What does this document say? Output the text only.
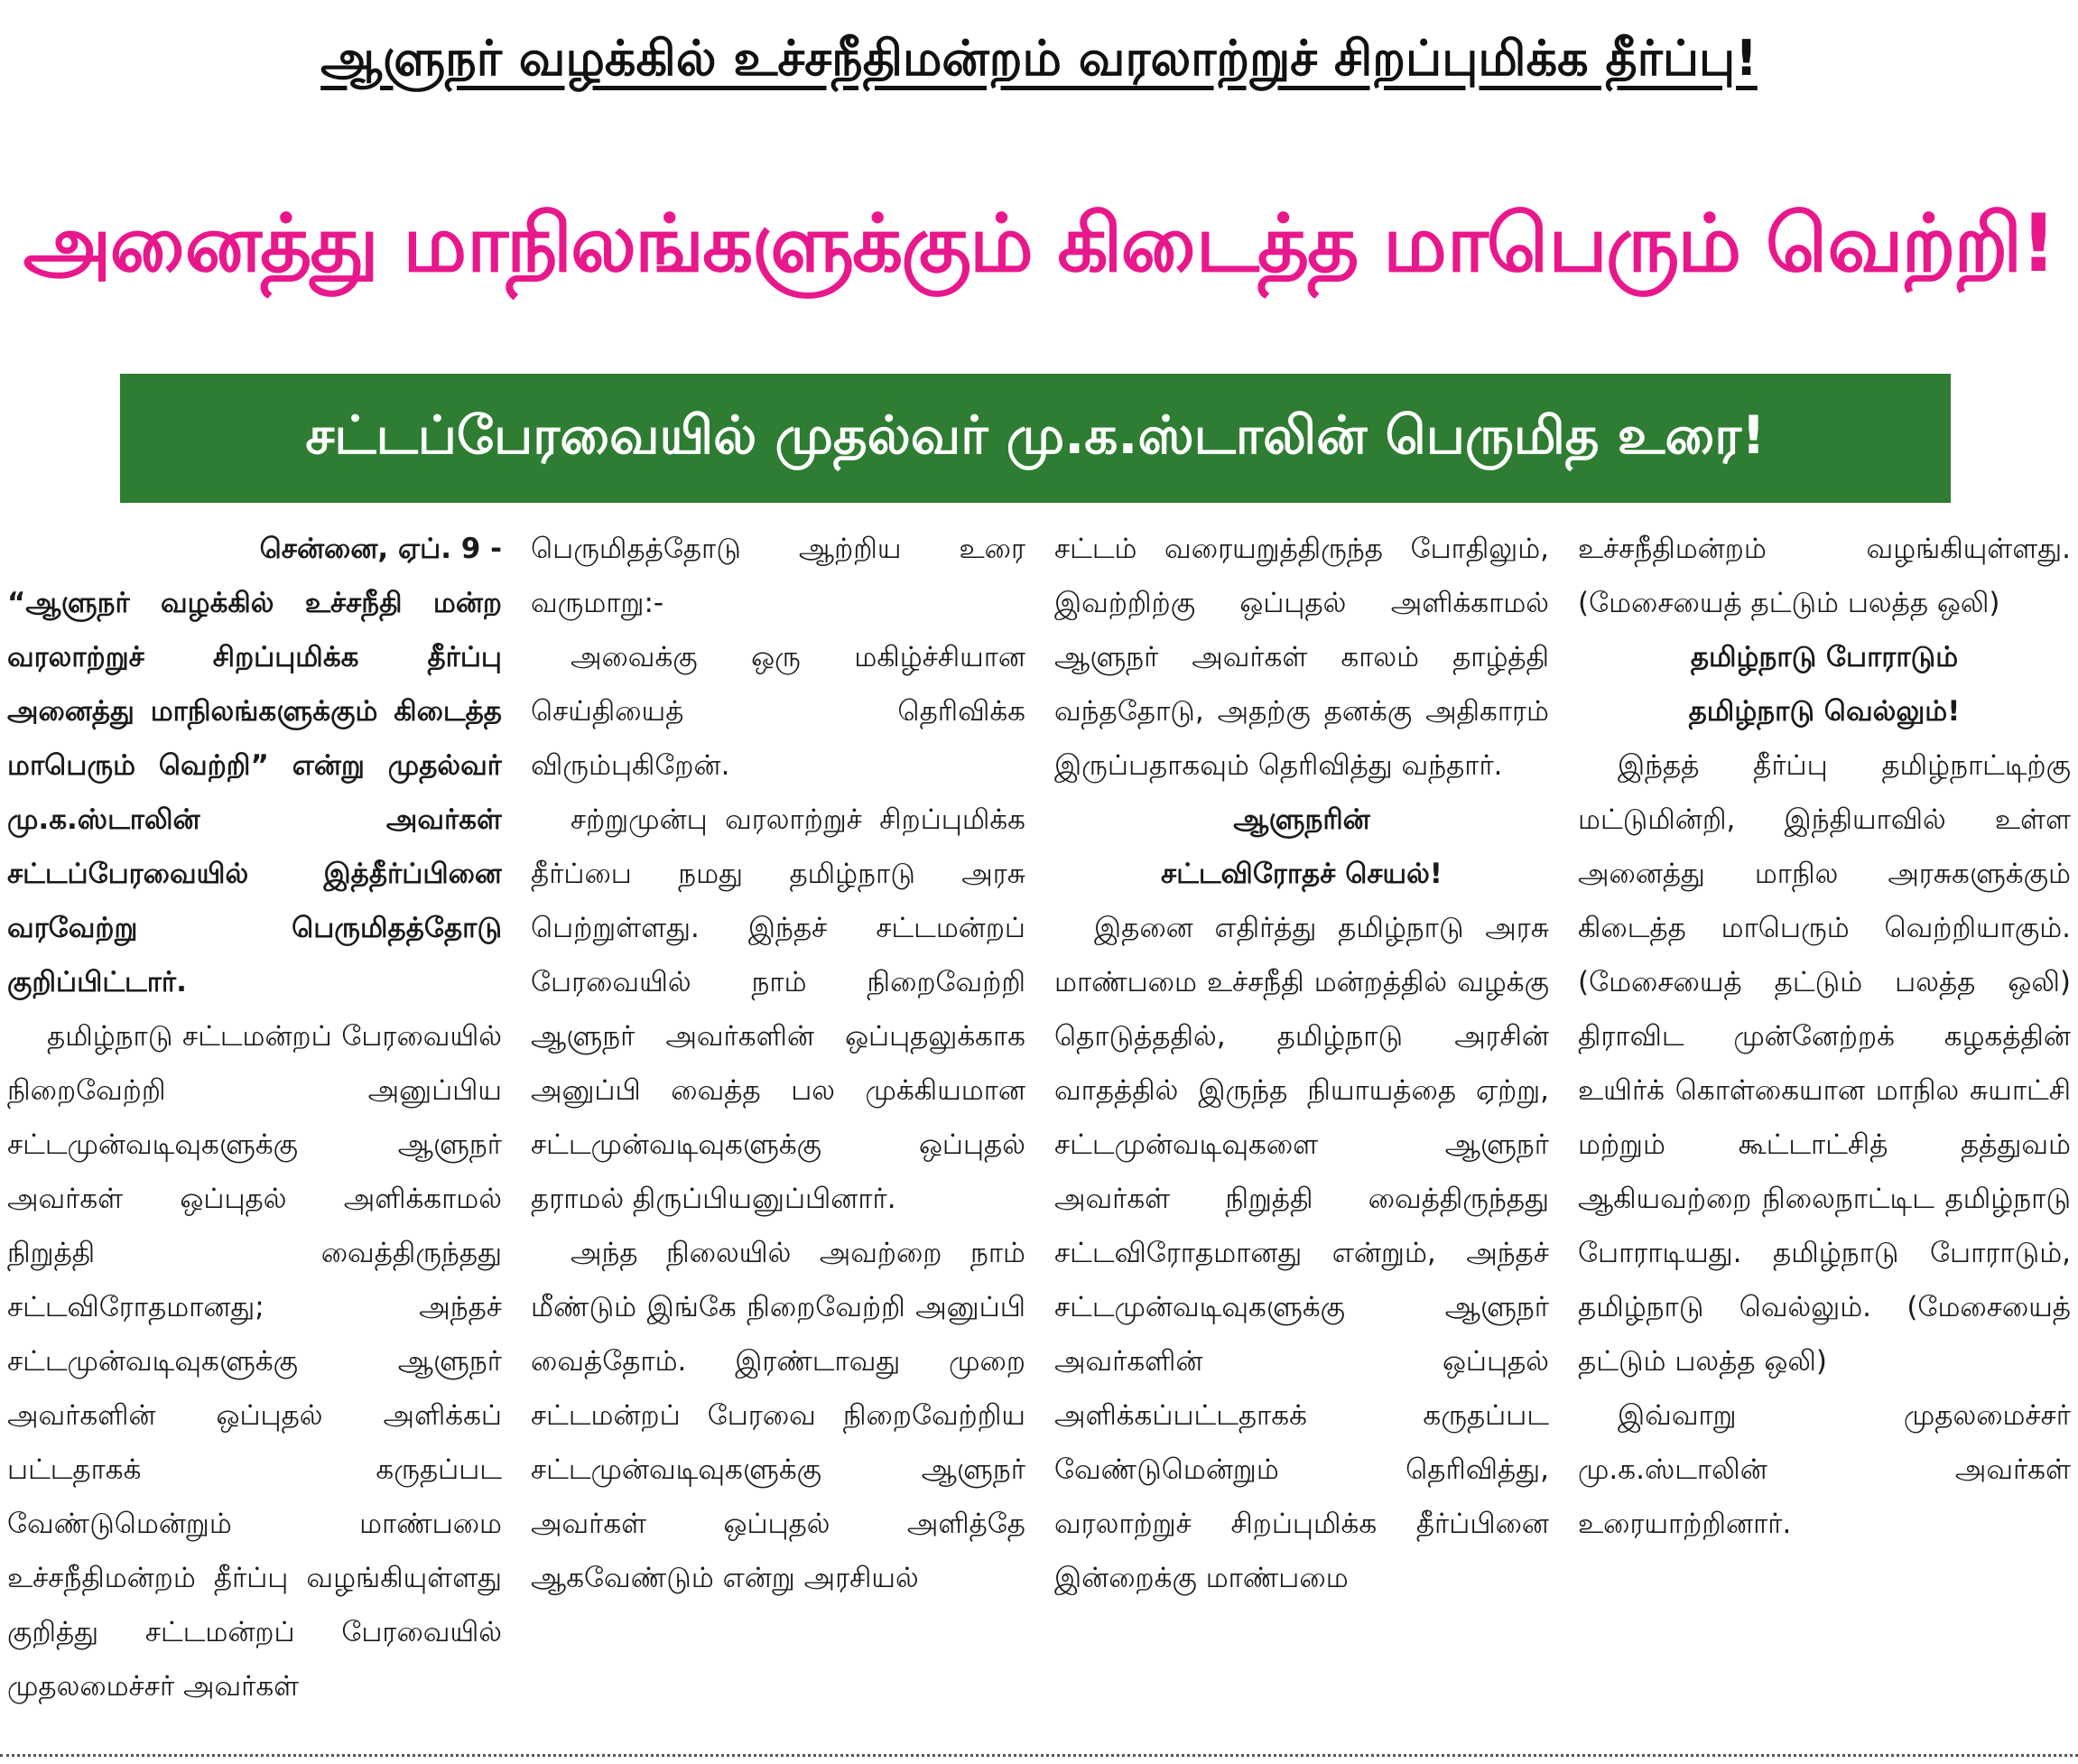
ஆளுநர் வழக்கில் உச்சநீதிமன்றம் வரலாற்றுச் சிறப்புமிக்க தீர்ப்பு!
அனைத்து மாநிலங்களுக்கும் கிடைத்த மாபெரும் வெற்றி!
சட்டப்பேரவையில் முதல்வர் மு.க.ஸ்டாலின் பெருமித உரை!

சென்னை, ஏப். 9 -

“ஆளுநர் வழக்கில் உச்சநீதி மன்ற வரலாற்றுச் சிறப்புமிக்க தீர்ப்பு அனைத்து மாநிலங்களுக்கும் கிடைத்த மாபெரும் வெற்றி” என்று முதல்வர் மு.க.ஸ்டாலின் அவர்கள் சட்டப்பேரவையில் இத்தீர்ப்பினை வரவேற்று பெருமிதத்தோடு குறிப்பிட்டார்.

தமிழ்நாடு சட்டமன்றப் பேரவையில் நிறைவேற்றி அனுப்பிய சட்டமுன்வடிவுகளுக்கு ஆளுநர் அவர்கள் ஒப்புதல் அளிக்காமல் நிறுத்தி வைத்திருந்தது சட்டவிரோதமானது; அந்தச் சட்டமுன்வடிவுகளுக்கு ஆளுநர் அவர்களின் ஒப்புதல் அளிக்கப் பட்டதாகக் கருதப்பட வேண்டுமென்றும் மாண்பமை உச்சநீதிமன்றம் தீர்ப்பு வழங்கியுள்ளது குறித்து சட்டமன்றப் பேரவையில் முதலமைச்சர் அவர்கள்

பெருமிதத்தோடு ஆற்றிய உரை வருமாறு:-

அவைக்கு ஒரு மகிழ்ச்சியான செய்தியைத் தெரிவிக்க விரும்புகிறேன்.

சற்றுமுன்பு வரலாற்றுச் சிறப்புமிக்க தீர்ப்பை நமது தமிழ்நாடு அரசு பெற்றுள்ளது. இந்தச் சட்டமன்றப் பேரவையில் நாம் நிறைவேற்றி ஆளுநர் அவர்களின் ஒப்புதலுக்காக அனுப்பி வைத்த பல முக்கியமான சட்டமுன்வடிவுகளுக்கு ஒப்புதல் தராமல் திருப்பியனுப்பினார்.

அந்த நிலையில் அவற்றை நாம் மீண்டும் இங்கே நிறைவேற்றி அனுப்பி வைத்தோம். இரண்டாவது முறை சட்டமன்றப் பேரவை நிறைவேற்றிய சட்டமுன்வடிவுகளுக்கு ஆளுநர் அவர்கள் ஒப்புதல் அளித்தே ஆகவேண்டும் என்று அரசியல்

சட்டம் வரையறுத்திருந்த போதிலும், இவற்றிற்கு ஒப்புதல் அளிக்காமல் ஆளுநர் அவர்கள் காலம் தாழ்த்தி வந்ததோடு, அதற்கு தனக்கு அதிகாரம் இருப்பதாகவும் தெரிவித்து வந்தார்.

ஆளுநரின்

சட்டவிரோதச் செயல்!

இதனை எதிர்த்து தமிழ்நாடு அரசு மாண்பமை உச்சநீதி மன்றத்தில் வழக்கு தொடுத்ததில், தமிழ்நாடு அரசின் வாதத்தில் இருந்த நியாயத்தை ஏற்று, சட்டமுன்வடிவுகளை ஆளுநர் அவர்கள் நிறுத்தி வைத்திருந்தது சட்டவிரோதமானது என்றும், அந்தச் சட்டமுன்வடிவுகளுக்கு ஆளுநர் அவர்களின் ஒப்புதல் அளிக்கப்பட்டதாகக் கருதப்பட வேண்டுமென்றும் தெரிவித்து, வரலாற்றுச் சிறப்புமிக்க தீர்ப்பினை இன்றைக்கு மாண்பமை

உச்சநீதிமன்றம் வழங்கியுள்ளது. (மேசையைத் தட்டும் பலத்த ஒலி)

தமிழ்நாடு போராடும்

தமிழ்நாடு வெல்லும்!

இந்தத் தீர்ப்பு தமிழ்நாட்டிற்கு மட்டுமின்றி, இந்தியாவில் உள்ள அனைத்து மாநில அரசுகளுக்கும் கிடைத்த மாபெரும் வெற்றியாகும். (மேசையைத் தட்டும் பலத்த ஒலி) திராவிட முன்னேற்றக் கழகத்தின் உயிர்க் கொள்கையான மாநில சுயாட்சி மற்றும் கூட்டாட்சித் தத்துவம் ஆகியவற்றை நிலைநாட்டிட தமிழ்நாடு போராடியது. தமிழ்நாடு போராடும், தமிழ்நாடு வெல்லும். (மேசையைத் தட்டும் பலத்த ஒலி)

இவ்வாறு முதலமைச்சர் மு.க.ஸ்டாலின் அவர்கள் உரையாற்றினார்.
